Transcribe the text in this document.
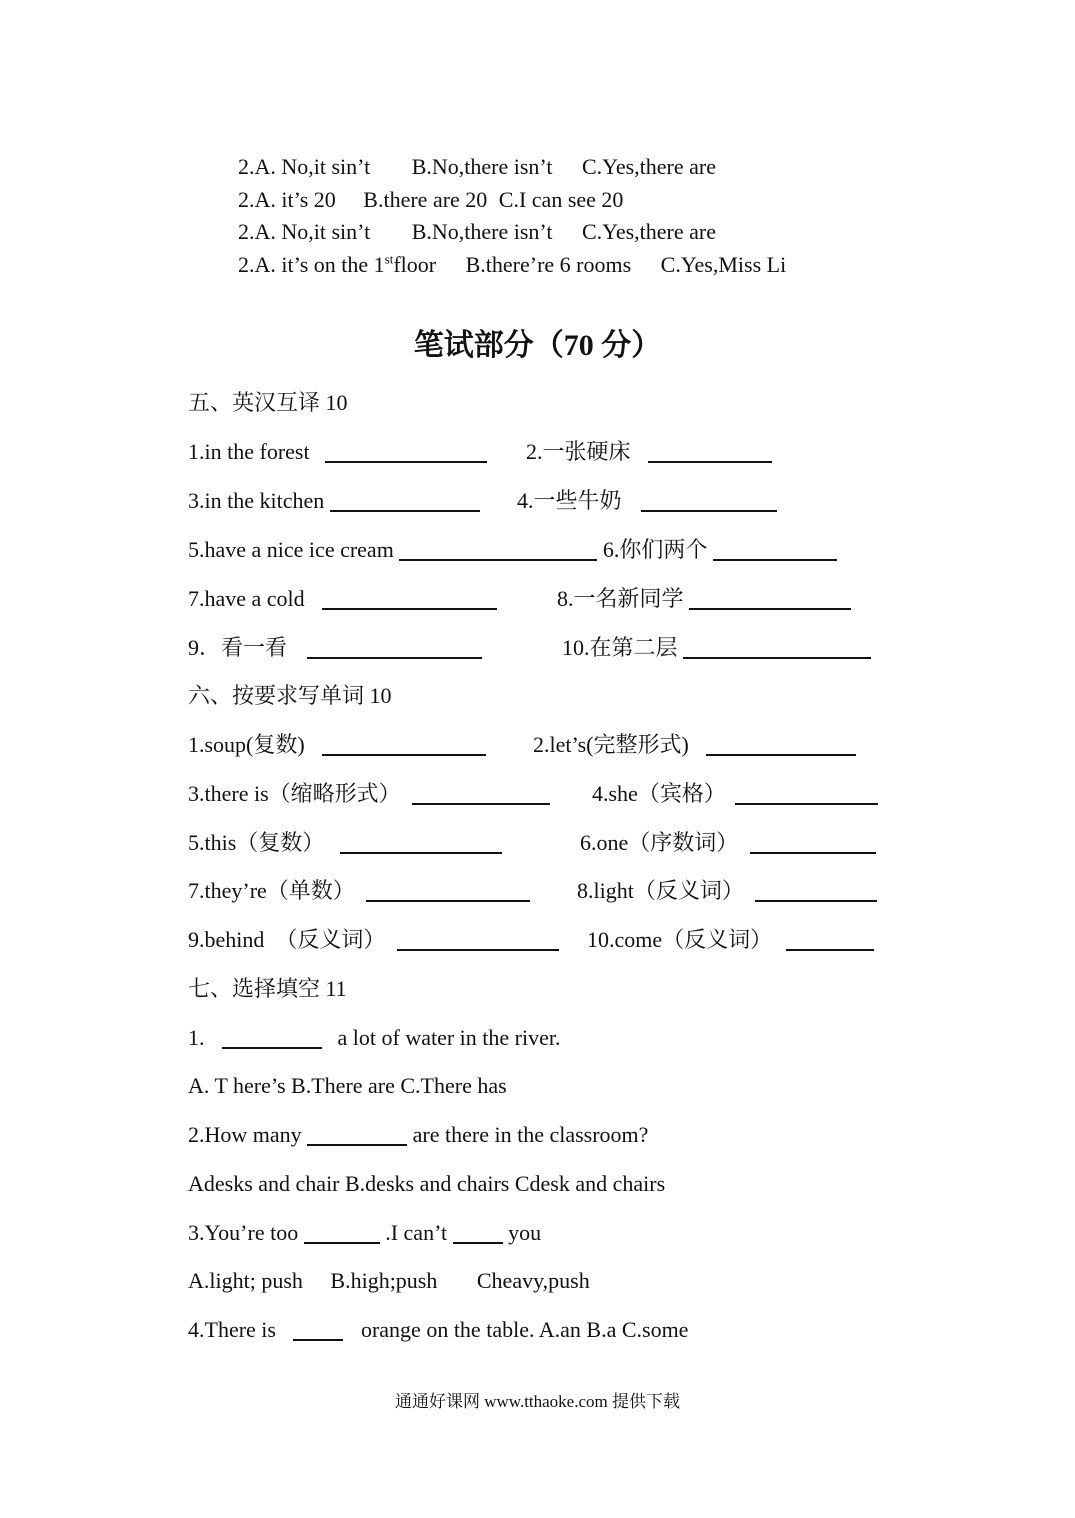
2.A. No,it sin’t B.No,there isn’t C.Yes,there are
2.A. it’s 20 B.there are 20 C.I can see 20
2.A. No,it sin’t B.No,there isn’t C.Yes,there are
2.A. it’s on the 1stfloor B.there’re 6 rooms C.Yes,Miss Li
笔试部分（70 分）
五、英汉互译 10
1.in the forest	2.一张硬床
3.in the kitchen	4.一些牛奶
5.have a nice ice cream	6.你们两个
7.have a cold	8.一名新同学
9．看一看	10.在第二层
六、按要求写单词 10
1.soup(复数)	2.let’s(完整形式)
3.there is（缩略形式）	4.she（宾格）
5.this（复数）	6.one（序数词）
7.they’re（单数）	8.light（反义词）
9.behind　（反义词）	10.come（反义词）
七、选择填空 11
1.	a lot of water in the river.
A. T here’s B.There are C.There has
2.How many	are there in the classroom?
Adesks and chair B.desks and chairs Cdesk and chairs
3.You’re too	.I can’t	you
A.light; push B.high;push Cheavy,push
4.There is	orange on the table. A.an B.a C.some
通通好课网 www.tthaoke.com 提供下载
